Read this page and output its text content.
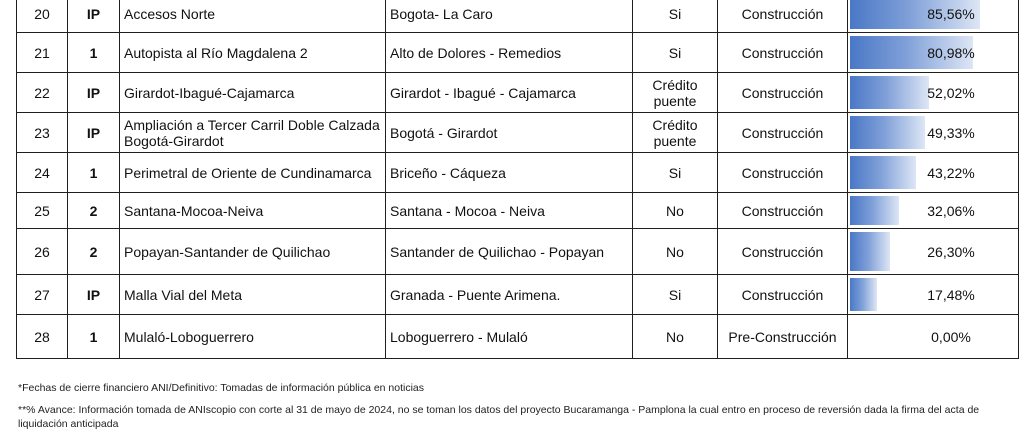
20	IP	Accesos Norte	Bogota- La Caro	Si	Construcción	85,56%

21	1	Autopista al Río Magdalena 2	Alto de Dolores - Remedios	Si	Construcción	80,98%

22	IP	Girardot-Ibagué-Cajamarca	Girardot - Ibagué - Cajamarca	Crédito puente	Construcción	52,02%

23	IP	Ampliación a Tercer Carril Doble Calzada Bogotá-Girardot	Bogotá - Girardot	Crédito puente	Construcción	49,33%

24	1	Perimetral de Oriente de Cundinamarca	Briceño - Cáqueza	Si	Construcción	43,22%

25	2	Santana-Mocoa-Neiva	Santana - Mocoa - Neiva	No	Construcción	32,06%

26	2	Popayan-Santander de Quilichao	Santander de Quilichao - Popayan	No	Construcción	26,30%

27	IP	Malla Vial del Meta	Granada - Puente Arimena.	Si	Construcción	17,48%

28	1	Mulaló-Loboguerrero	Loboguerrero - Mulaló	No	Pre-Construcción	0,00%
*Fechas de cierre financiero ANI/Definitivo: Tomadas de información pública en noticias
**% Avance: Información tomada de ANIscopio con corte al 31 de mayo de 2024, no se toman los datos del proyecto Bucaramanga - Pamplona la cual entro en proceso de reversión dada la firma del acta de liquidación anticipada
